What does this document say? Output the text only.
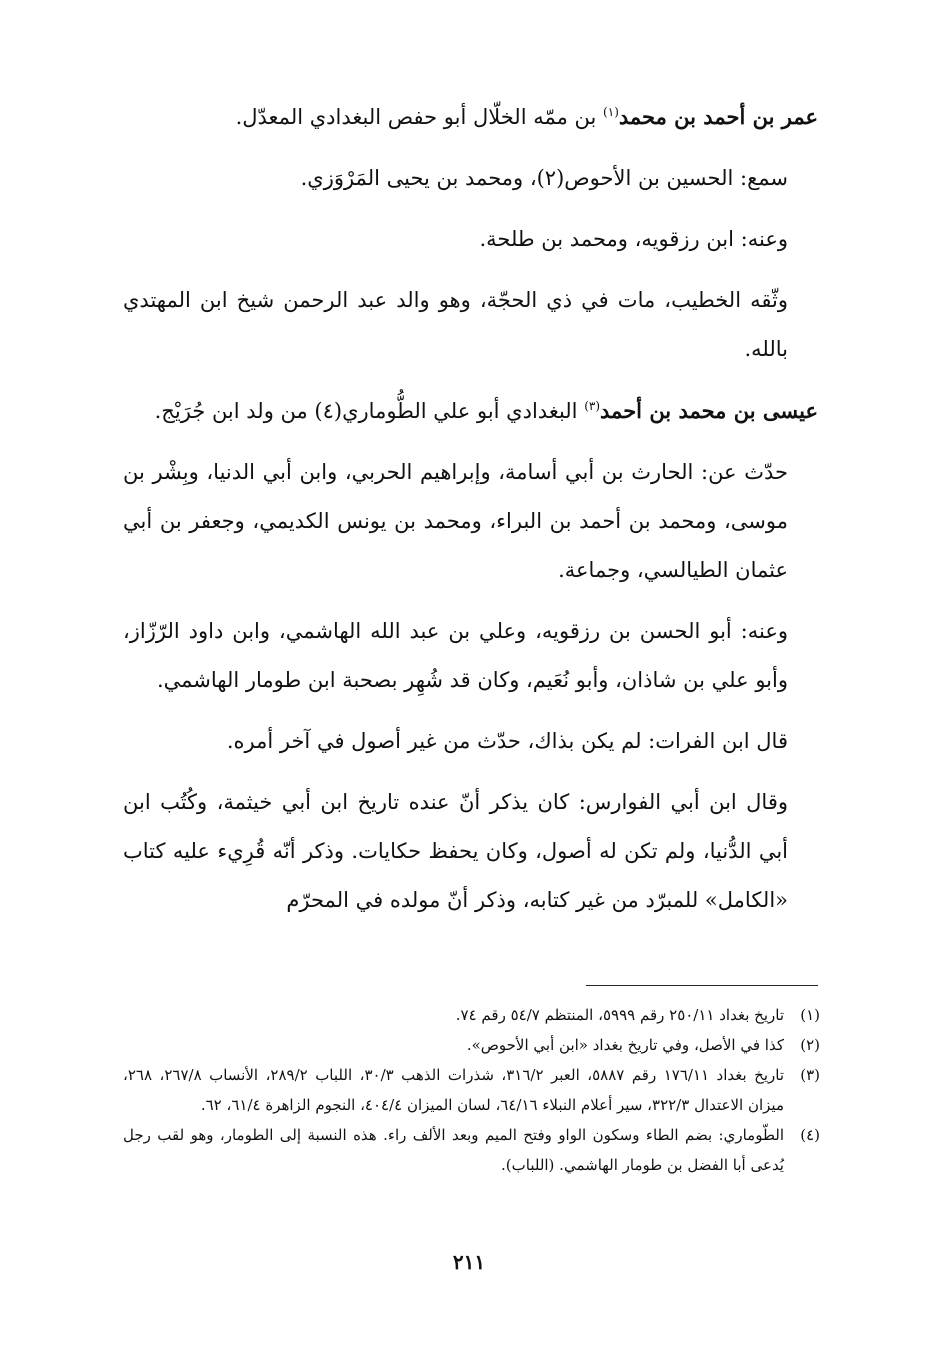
عمر بن أحمد بن محمد$^{(١)}$ بن ممّه الخلّال أبو حفص البغدادي المعدّل.

سمع: الحسين بن الأحوص(٢)، ومحمد بن يحيى المَرْوَزي.

وعنه: ابن رزقويه، ومحمد بن طلحة.

وثّقه الخطيب، مات في ذي الحجّة، وهو والد عبد الرحمن شيخ ابن المهتدي بالله.

عيسى بن محمد بن أحمد$^{(٣)}$ البغدادي أبو علي الطُّوماري(٤) من ولد ابن جُرَيْج.

حدّث عن: الحارث بن أبي أسامة، وإبراهيم الحربي، وابن أبي الدنيا، وبِشْر بن موسى، ومحمد بن أحمد بن البراء، ومحمد بن يونس الكديمي، وجعفر بن أبي عثمان الطيالسي، وجماعة.

وعنه: أبو الحسن بن رزقويه، وعلي بن عبد الله الهاشمي، وابن داود الرّزّاز، وأبو علي بن شاذان، وأبو نُعَيم، وكان قد شُهِر بصحبة ابن طومار الهاشمي.

قال ابن الفرات: لم يكن بذاك، حدّث من غير أصول في آخر أمره.

وقال ابن أبي الفوارس: كان يذكر أنّ عنده تاريخ ابن أبي خيثمة، وكُتُب ابن أبي الدُّنيا، ولم تكن له أصول، وكان يحفظ حكايات. وذكر أنّه قُرِيء عليه كتاب «الكامل» للمبرّد من غير كتابه، وذكر أنّ مولده في المحرّم

(١)
تاريخ بغداد ٢٥٠/١١ رقم ٥٩٩٩، المنتظم ٥٤/٧ رقم ٧٤.
(٢)
كذا في الأصل، وفي تاريخ بغداد «ابن أبي الأحوص».
(٣)
تاريخ بغداد ١٧٦/١١ رقم ٥٨٨٧، العبر ٣١٦/٢، شذرات الذهب ٣٠/٣، اللباب ٢٨٩/٢، الأنساب ٢٦٧/٨، ٢٦٨، ميزان الاعتدال ٣٢٢/٣، سير أعلام النبلاء ٦٤/١٦، لسان الميزان ٤٠٤/٤، النجوم الزاهرة ٦١/٤، ٦٢.
(٤)
الطّوماري: بضم الطاء وسكون الواو وفتح الميم وبعد الألف راء. هذه النسبة إلى الطومار، وهو لقب رجل يُدعى أبا الفضل بن طومار الهاشمي. (اللباب).
٢١١
